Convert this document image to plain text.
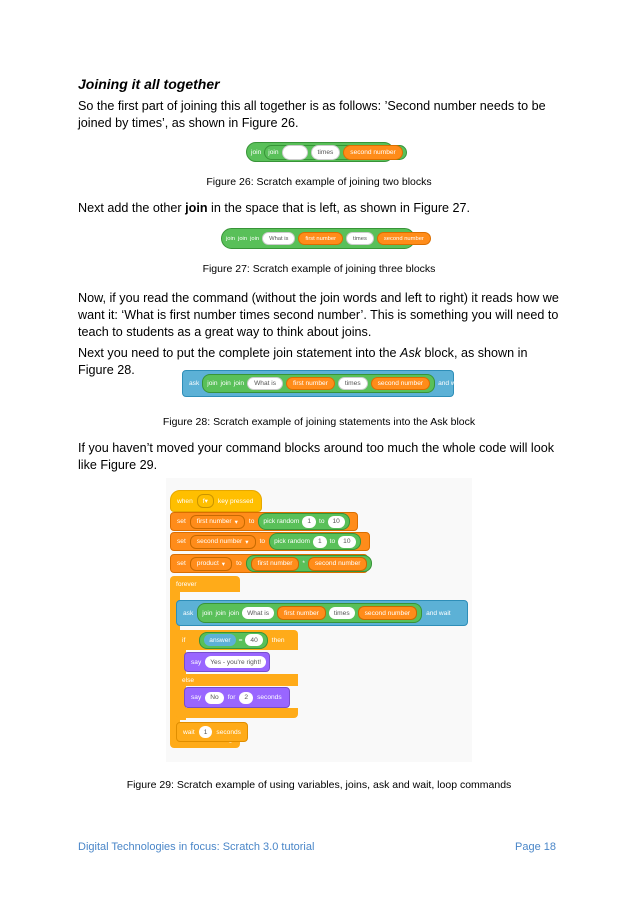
Joining it all together
So the first part of joining this all together is as follows: ’Second number needs to be joined by times’, as shown in Figure 26.
join join	times	second number
Figure 26: Scratch example of joining two blocks
Next add the other join in the space that is left, as shown in Figure 27.
join join join	What is	first number	times	second number
Figure 27: Scratch example of joining three blocks
Now, if you read the command (without the join words and left to right) it reads how we want it: ‘What is first number times second number’. This is something you will need to teach to students as a great way to think about joins.
Next you need to put the complete join statement into the Ask block, as shown in Figure 28.
ask join join join	What is	first number	times	second number	and wait
Figure 28: Scratch example of joining statements into the Ask block
If you haven’t moved your command blocks around too much the whole code will look like Figure 29.
when f ▾ key pressed
set first number ▾ to pick random	1	to	10
set second number ▾ to pick random	1	to	10
set product ▾ to	first number	*	second number
forever
ask join join join	What is	first number	times	second number	and wait
if	answer	=	40	then
say	Yes - you're right!
else
say	No	for	2	seconds
wait	1	seconds
Figure 29: Scratch example of using variables, joins, ask and wait, loop commands
Digital Technologies in focus: Scratch 3.0 tutorial	Page 18
